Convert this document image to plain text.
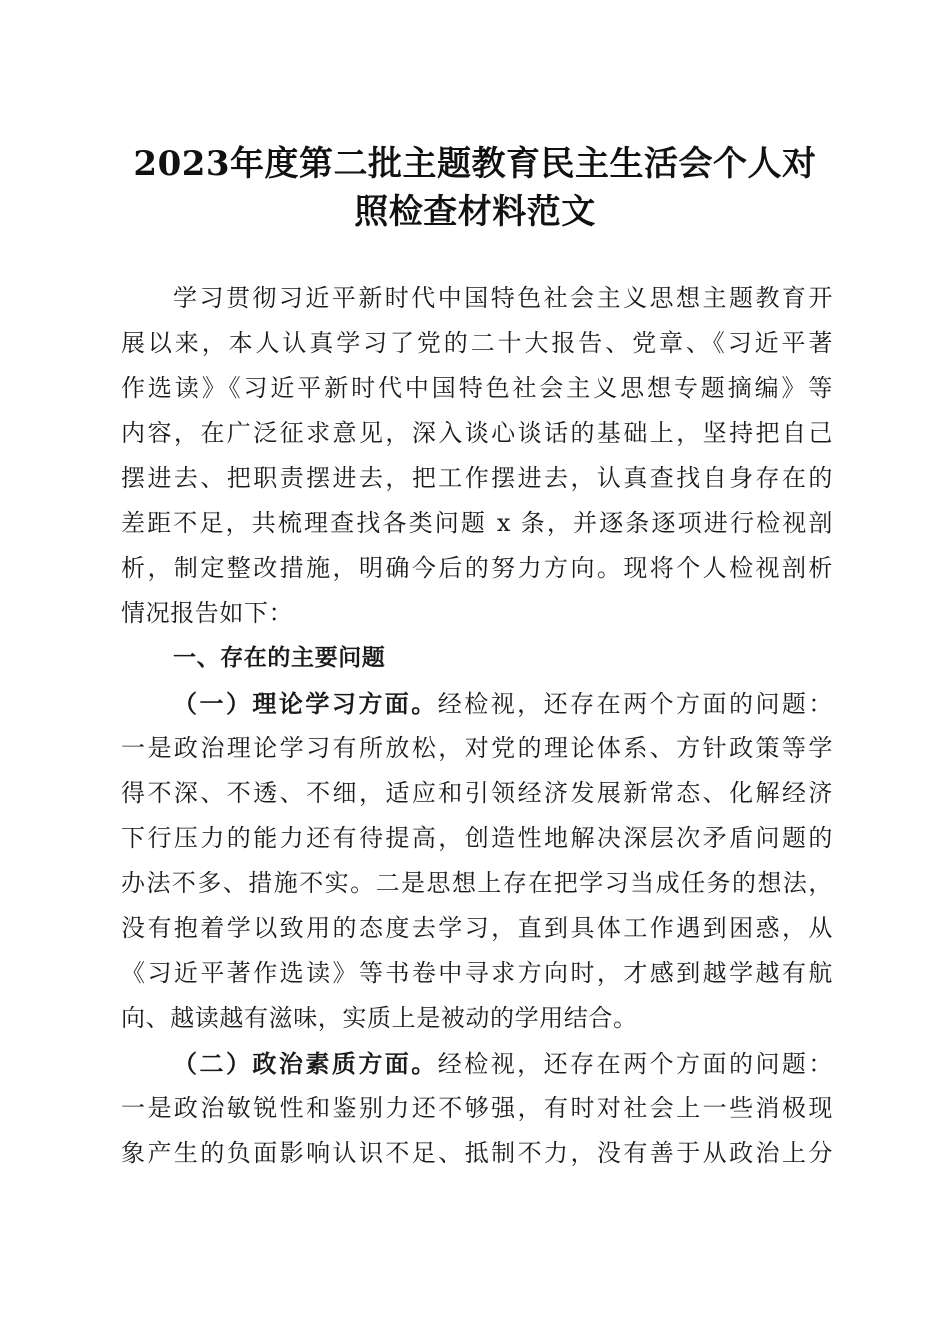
2023年度第二批主题教育民主生活会个人对
照检查材料范文
学习贯彻习近平新时代中国特色社会主义思想主题教育开
展以来，本人认真学习了党的二十大报告、党章、《习近平著
作选读》《习近平新时代中国特色社会主义思想专题摘编》等
内容，在广泛征求意见，深入谈心谈话的基础上，坚持把自己
摆进去、把职责摆进去，把工作摆进去，认真查找自身存在的
差距不足，共梳理查找各类问题 x 条，并逐条逐项进行检视剖
析，制定整改措施，明确今后的努力方向。现将个人检视剖析
情况报告如下：
一、存在的主要问题
（一）理论学习方面。经检视，还存在两个方面的问题：
一是政治理论学习有所放松，对党的理论体系、方针政策等学
得不深、不透、不细，适应和引领经济发展新常态、化解经济
下行压力的能力还有待提高，创造性地解决深层次矛盾问题的
办法不多、措施不实。二是思想上存在把学习当成任务的想法，
没有抱着学以致用的态度去学习，直到具体工作遇到困惑，从
《习近平著作选读》等书卷中寻求方向时，才感到越学越有航
向、越读越有滋味，实质上是被动的学用结合。
（二）政治素质方面。经检视，还存在两个方面的问题：
一是政治敏锐性和鉴别力还不够强，有时对社会上一些消极现
象产生的负面影响认识不足、抵制不力，没有善于从政治上分
